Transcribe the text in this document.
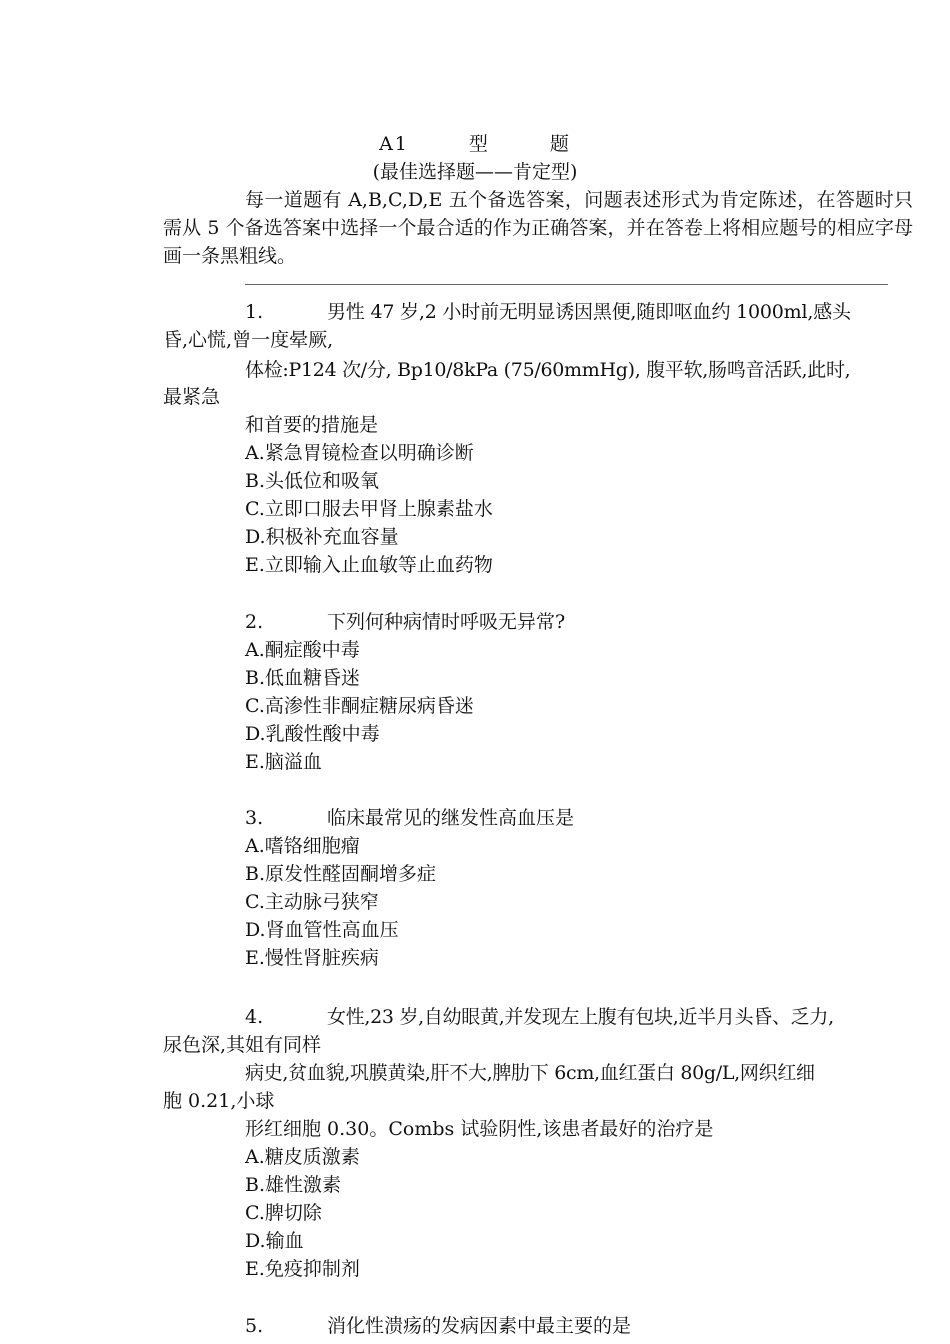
A1	型	题
(最佳选择题——肯定型)
每一道题有 A,B,C,D,E 五个备选答案，问题表述形式为肯定陈述，在答题时只需从 5 个备选答案中选择一个最合适的作为正确答案，并在答卷上将相应题号的相应字母画一条黑粗线。
1.	男性 47 岁,2 小时前无明显诱因黑便,随即呕血约 1000ml,感头
昏,心慌,曾一度晕厥,
体检:P124 次/分, Bp10/8kPa (75/60mmHg), 腹平软,肠鸣音活跃,此时,
最紧急
和首要的措施是
A.紧急胃镜检查以明确诊断
B.头低位和吸氧
C.立即口服去甲肾上腺素盐水
D.积极补充血容量
E.立即输入止血敏等止血药物
2.	下列何种病情时呼吸无异常?
A.酮症酸中毒
B.低血糖昏迷
C.高渗性非酮症糖尿病昏迷
D.乳酸性酸中毒
E.脑溢血
3.	临床最常见的继发性高血压是
A.嗜铬细胞瘤
B.原发性醛固酮增多症
C.主动脉弓狭窄
D.肾血管性高血压
E.慢性肾脏疾病
4.	女性,23 岁,自幼眼黄,并发现左上腹有包块,近半月头昏、乏力,
尿色深,其姐有同样
病史,贫血貌,巩膜黄染,肝不大,脾肋下 6cm,血红蛋白 80g/L,网织红细
胞 0.21,小球
形红细胞 0.30。Combs 试验阴性,该患者最好的治疗是
A.糖皮质激素
B.雄性激素
C.脾切除
D.输血
E.免疫抑制剂
5.	消化性溃疡的发病因素中最主要的是
